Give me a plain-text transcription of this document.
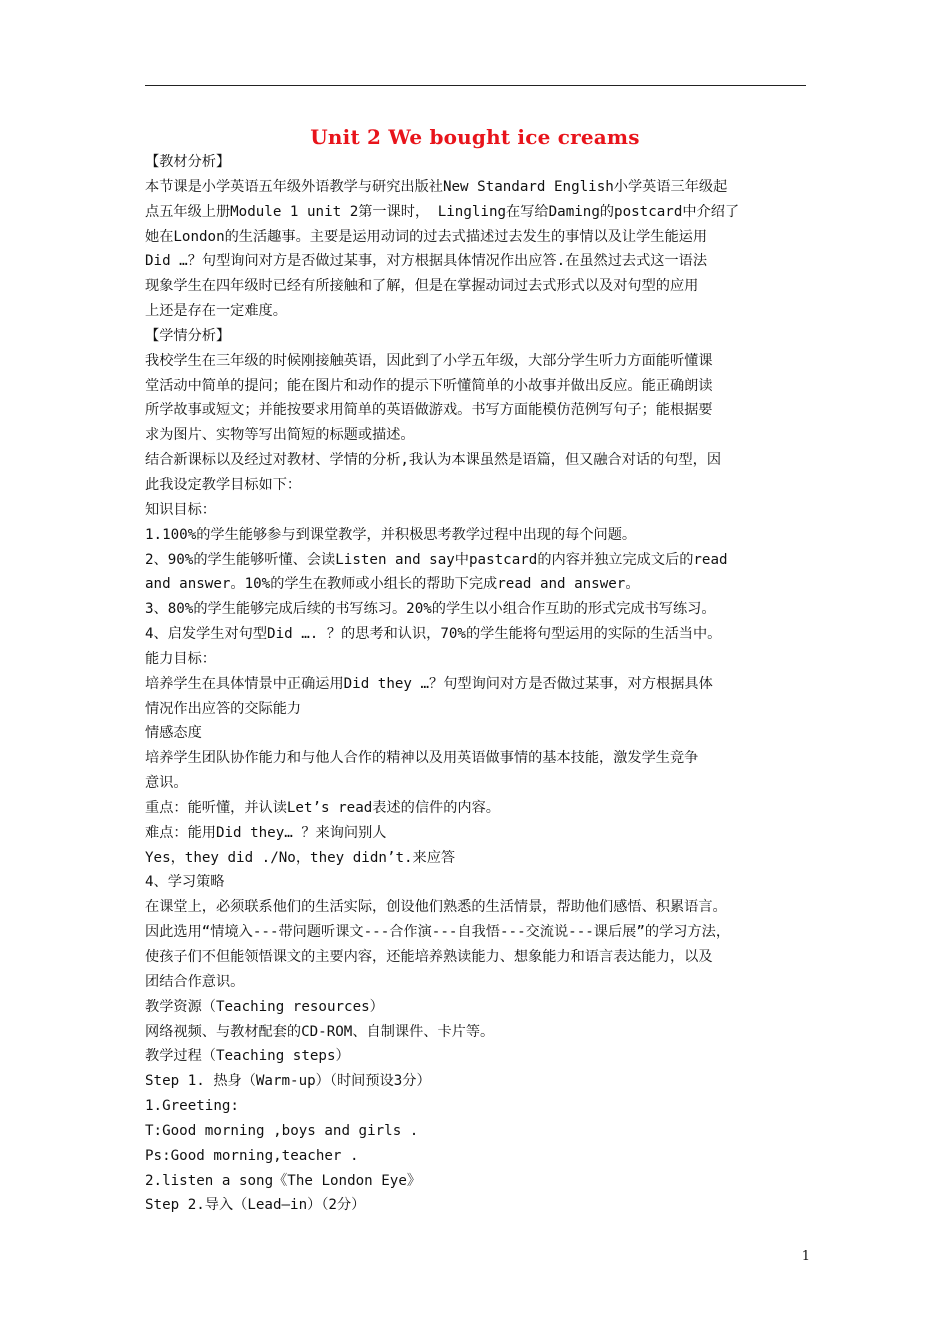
Unit 2 We bought ice creams
【教材分析】
本节课是小学英语五年级外语教学与研究出版社New Standard English小学英语三年级起
点五年级上册Module 1 unit 2第一课时， Lingling在写给Daming的postcard中介绍了
她在London的生活趣事。主要是运用动词的过去式描述过去发生的事情以及让学生能运用
Did …？句型询问对方是否做过某事，对方根据具体情况作出应答.在虽然过去式这一语法
现象学生在四年级时已经有所接触和了解，但是在掌握动词过去式形式以及对句型的应用
上还是存在一定难度。
【学情分析】
我校学生在三年级的时候刚接触英语，因此到了小学五年级，大部分学生听力方面能听懂课
堂活动中简单的提问；能在图片和动作的提示下听懂简单的小故事并做出反应。能正确朗读
所学故事或短文；并能按要求用简单的英语做游戏。书写方面能模仿范例写句子；能根据要
求为图片、实物等写出简短的标题或描述。
结合新课标以及经过对教材、学情的分析,我认为本课虽然是语篇，但又融合对话的句型，因
此我设定教学目标如下：
知识目标：
1.100%的学生能够参与到课堂教学，并积极思考教学过程中出现的每个问题。
2、90%的学生能够听懂、会读Listen and say中pastcard的内容并独立完成文后的read
and answer。10%的学生在教师或小组长的帮助下完成read and answer。
3、80%的学生能够完成后续的书写练习。20%的学生以小组合作互助的形式完成书写练习。
4、启发学生对句型Did …. ？的思考和认识，70%的学生能将句型运用的实际的生活当中。
能力目标：
培养学生在具体情景中正确运用Did they …？句型询问对方是否做过某事，对方根据具体
情况作出应答的交际能力
情感态度
培养学生团队协作能力和与他人合作的精神以及用英语做事情的基本技能，激发学生竞争
意识。
重点：能听懂，并认读Let’s read表述的信件的内容。
难点：能用Did they… ？来询问别人
Yes，they did ./No，they didn’t.来应答
4、学习策略
在课堂上，必须联系他们的生活实际，创设他们熟悉的生活情景，帮助他们感悟、积累语言。
因此选用“情境入---带问题听课文---合作演---自我悟---交流说---课后展”的学习方法，
使孩子们不但能领悟课文的主要内容，还能培养熟读能力、想象能力和语言表达能力，以及
团结合作意识。
教学资源（Teaching resources）
网络视频、与教材配套的CD-ROM、自制课件、卡片等。
教学过程（Teaching steps）
Step 1. 热身（Warm-up）（时间预设3分）
1.Greeting:
T:Good morning ,boys and girls .
Ps:Good morning,teacher .
2.listen a song《The London Eye》
Step 2.导入（Lead—in）（2分）
1
